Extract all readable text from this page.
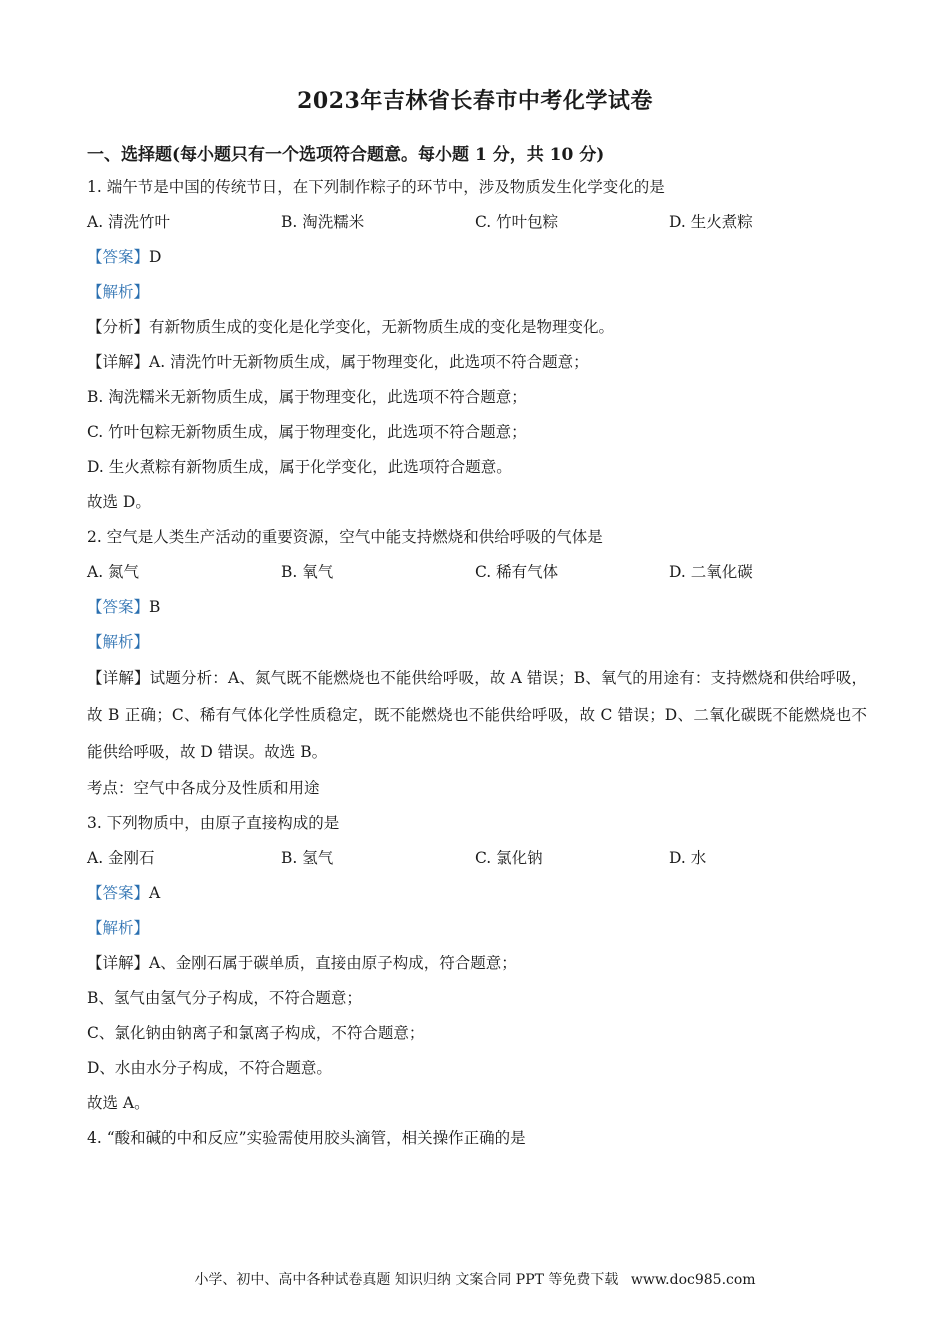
2023年吉林省长春市中考化学试卷
一、选择题(每小题只有一个选项符合题意。每小题 1 分，共 10 分)
1. 端午节是中国的传统节日，在下列制作粽子的环节中，涉及物质发生化学变化的是
A. 清洗竹叶	B. 淘洗糯米	C. 竹叶包粽	D. 生火煮粽
【答案】D
【解析】
【分析】有新物质生成的变化是化学变化，无新物质生成的变化是物理变化。
【详解】A. 清洗竹叶无新物质生成，属于物理变化，此选项不符合题意；
B. 淘洗糯米无新物质生成，属于物理变化，此选项不符合题意；
C. 竹叶包粽无新物质生成，属于物理变化，此选项不符合题意；
D. 生火煮粽有新物质生成，属于化学变化，此选项符合题意。
故选 D。
2. 空气是人类生产活动的重要资源，空气中能支持燃烧和供给呼吸的气体是
A. 氮气	B. 氧气	C. 稀有气体	D. 二氧化碳
【答案】B
【解析】
【详解】试题分析：A、氮气既不能燃烧也不能供给呼吸，故 A 错误；B、氧气的用途有：支持燃烧和供给呼吸，故 B 正确；C、稀有气体化学性质稳定，既不能燃烧也不能供给呼吸，故 C 错误；D、二氧化碳既不能燃烧也不能供给呼吸，故 D 错误。故选 B。
考点：空气中各成分及性质和用途
3. 下列物质中，由原子直接构成的是
A. 金刚石	B. 氢气	C. 氯化钠	D. 水
【答案】A
【解析】
【详解】A、金刚石属于碳单质，直接由原子构成，符合题意；
B、氢气由氢气分子构成，不符合题意；
C、氯化钠由钠离子和氯离子构成，不符合题意；
D、水由水分子构成，不符合题意。
故选 A。
4. “酸和碱的中和反应”实验需使用胶头滴管，相关操作正确的是
小学、初中、高中各种试卷真题 知识归纳 文案合同 PPT 等免费下载 www.doc985.com
